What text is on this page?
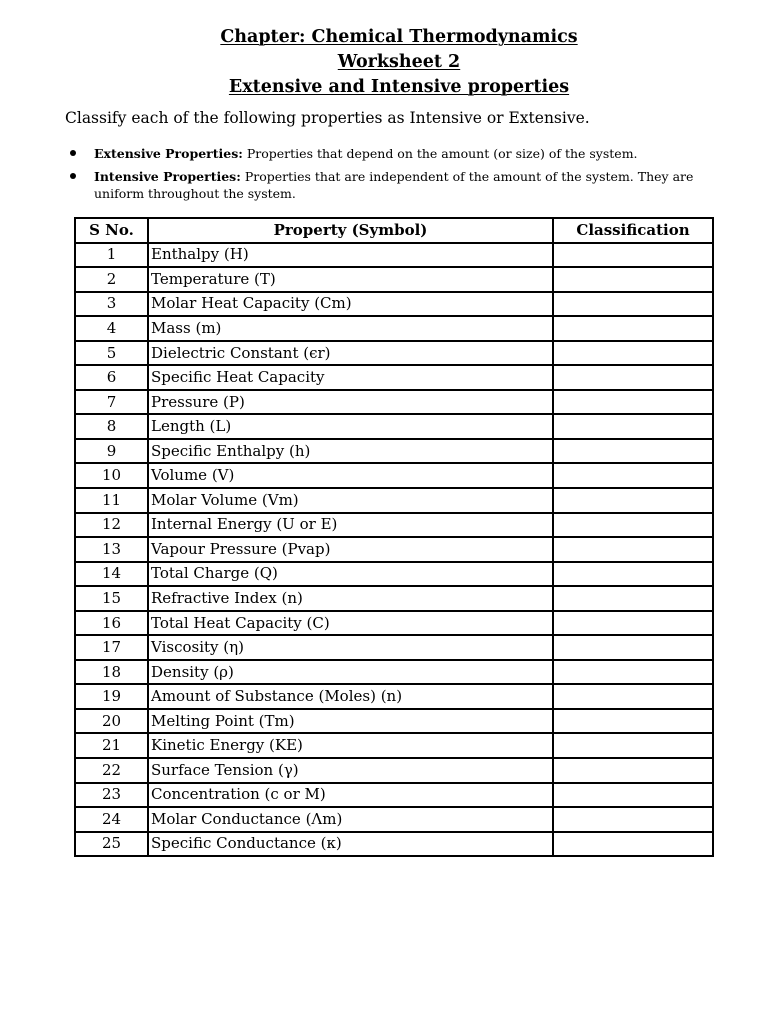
Chapter: Chemical Thermodynamics
Worksheet 2
Extensive and Intensive properties

Classify each of the following properties as Intensive or Extensive.

Extensive Properties: Properties that depend on the amount (or size) of the system.
Intensive Properties: Properties that are independent of the amount of the system. They are uniform throughout the system.
S No.	Property (Symbol)	Classification
1	Enthalpy (H)	
2	Temperature (T)	
3	Molar Heat Capacity (Cm)	
4	Mass (m)	
5	Dielectric Constant (ϵr)	
6	Specific Heat Capacity	
7	Pressure (P)	
8	Length (L)	
9	Specific Enthalpy (h)	
10	Volume (V)	
11	Molar Volume (Vm)	
12	Internal Energy (U or E)	
13	Vapour Pressure (Pvap)	
14	Total Charge (Q)	
15	Refractive Index (n)	
16	Total Heat Capacity (C)	
17	Viscosity (η)	
18	Density (ρ)	
19	Amount of Substance (Moles) (n)	
20	Melting Point (Tm)	
21	Kinetic Energy (KE)	
22	Surface Tension (γ)	
23	Concentration (c or M)	
24	Molar Conductance (Λm)	
25	Specific Conductance (κ)	
